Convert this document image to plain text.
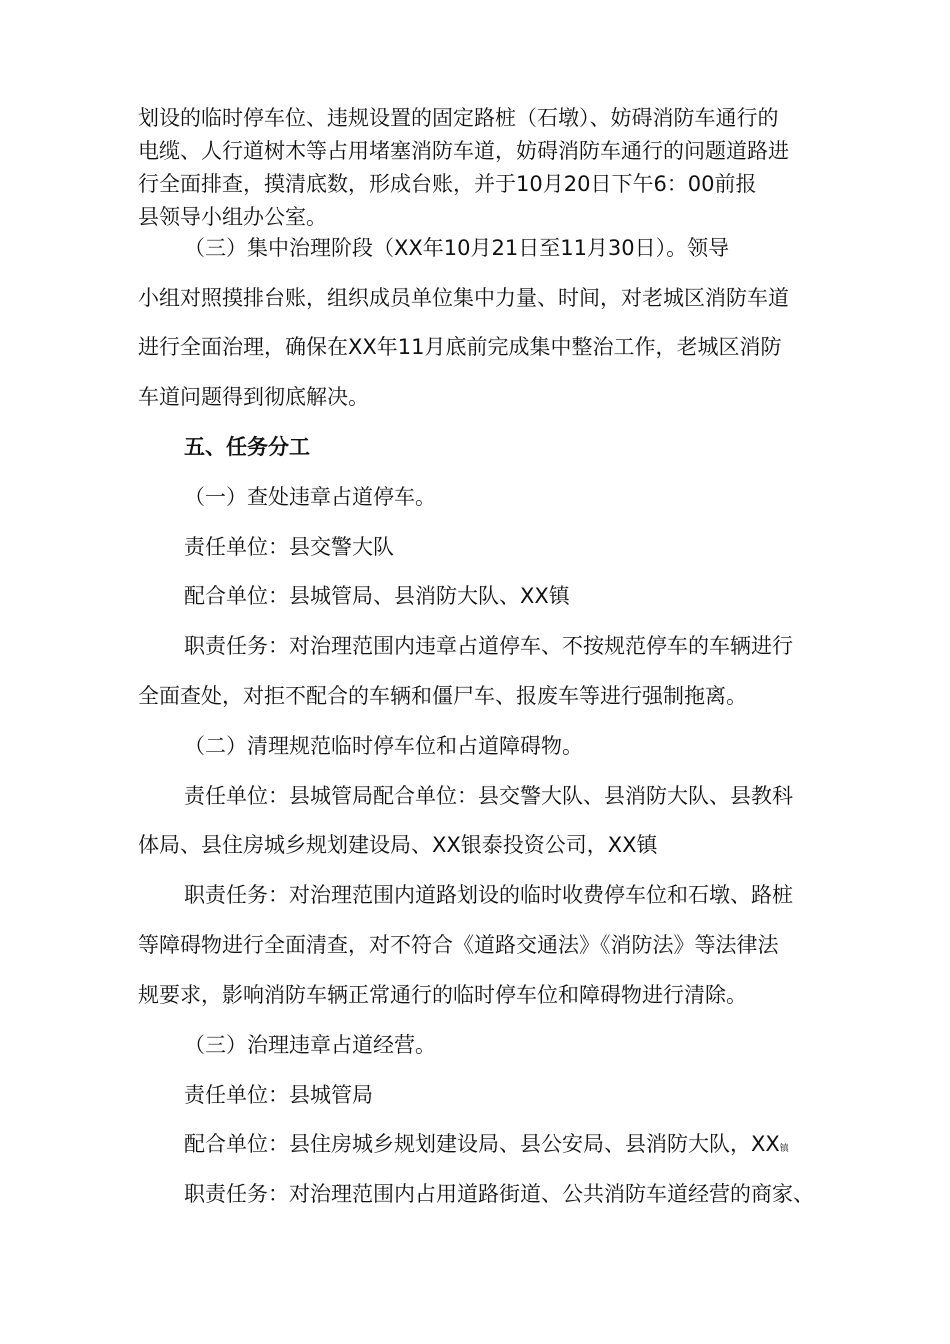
划设的临时停车位、违规设置的固定路桩（石墩）、妨碍消防车通行的
电缆、人行道树木等占用堵塞消防车道，妨碍消防车通行的问题道路进
行全面排查，摸清底数，形成台账，并于10月20日下午6：00前报
县领导小组办公室。

（三）集中治理阶段（XX年10月21日至11月30日）。领导

小组对照摸排台账，组织成员单位集中力量、时间，对老城区消防车道

进行全面治理，确保在XX年11月底前完成集中整治工作，老城区消防

车道问题得到彻底解决。

五、任务分工

（一）查处违章占道停车。

责任单位：县交警大队

配合单位：县城管局、县消防大队、XX镇

职责任务：对治理范围内违章占道停车、不按规范停车的车辆进行

全面查处，对拒不配合的车辆和僵尸车、报废车等进行强制拖离。

（二）清理规范临时停车位和占道障碍物。

责任单位：县城管局配合单位：县交警大队、县消防大队、县教科

体局、县住房城乡规划建设局、XX银泰投资公司，XX镇

职责任务：对治理范围内道路划设的临时收费停车位和石墩、路桩

等障碍物进行全面清查，对不符合《道路交通法》《消防法》等法律法

规要求，影响消防车辆正常通行的临时停车位和障碍物进行清除。

（三）治理违章占道经营。

责任单位：县城管局

配合单位：县住房城乡规划建设局、县公安局、县消防大队，XX镇

职责任务：对治理范围内占用道路街道、公共消防车道经营的商家、
